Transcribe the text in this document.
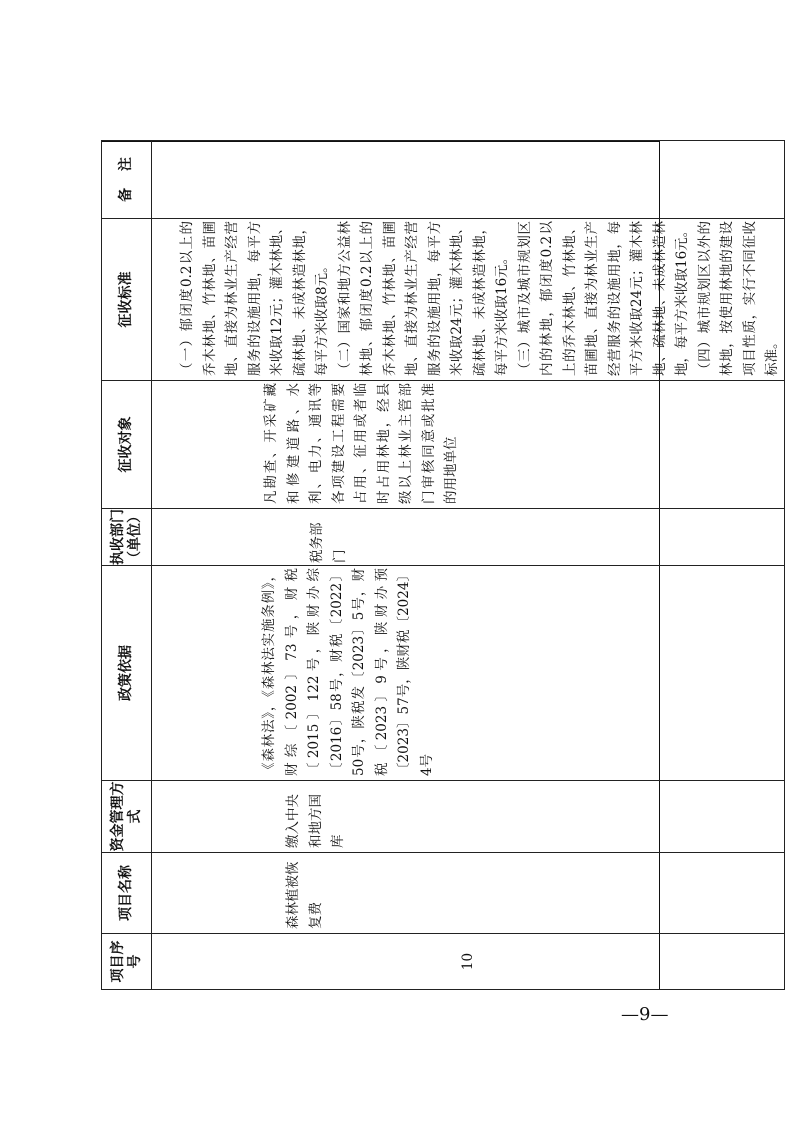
项目序号	项目名称	资金管理方式	政策依据	执收部门（单位）	征收对象	征收标准	备注
10	森林植被恢复费	缴入中央和地方国库	《森林法》，《森林法实施条例》，财综〔2002〕73号，财税〔2015〕122号，陕财办综〔2016〕58号，财税〔2022〕50号，陕税发〔2023〕5号，财税〔2023〕9号，陕财办预〔2023〕57号，陕财税〔2024〕4号	税务部门	凡勘查、开采矿藏和修建道路、水利、电力、通讯等各项建设工程需要占用、征用或者临时占用林地，经县级以上林业主管部门审核同意或批准的用地单位	（一）郁闭度0.2以上的乔木林地、竹林地、苗圃地、直接为林业生产经营服务的设施用地，每平方米收取12元；灌木林地、疏林地、未成林造林地，每平方米收取8元。 （二）国家和地方公益林林地、郁闭度0.2以上的乔木林地、竹林地、苗圃地、直接为林业生产经营服务的设施用地，每平方米收取24元；灌木林地、疏林地、未成林造林地，每平方米收取16元。 （三）城市及城市规划区内的林地，郁闭度0.2以上的乔木林地、竹林地、苗圃地、直接为林业生产经营服务的设施用地，每平方米收取24元；灌木林地、疏林地、未成林造林地，每平方米收取16元。 （四）城市规划区以外的林地，按使用林地的建设项目性质，实行不同征收标准。	

—9—
